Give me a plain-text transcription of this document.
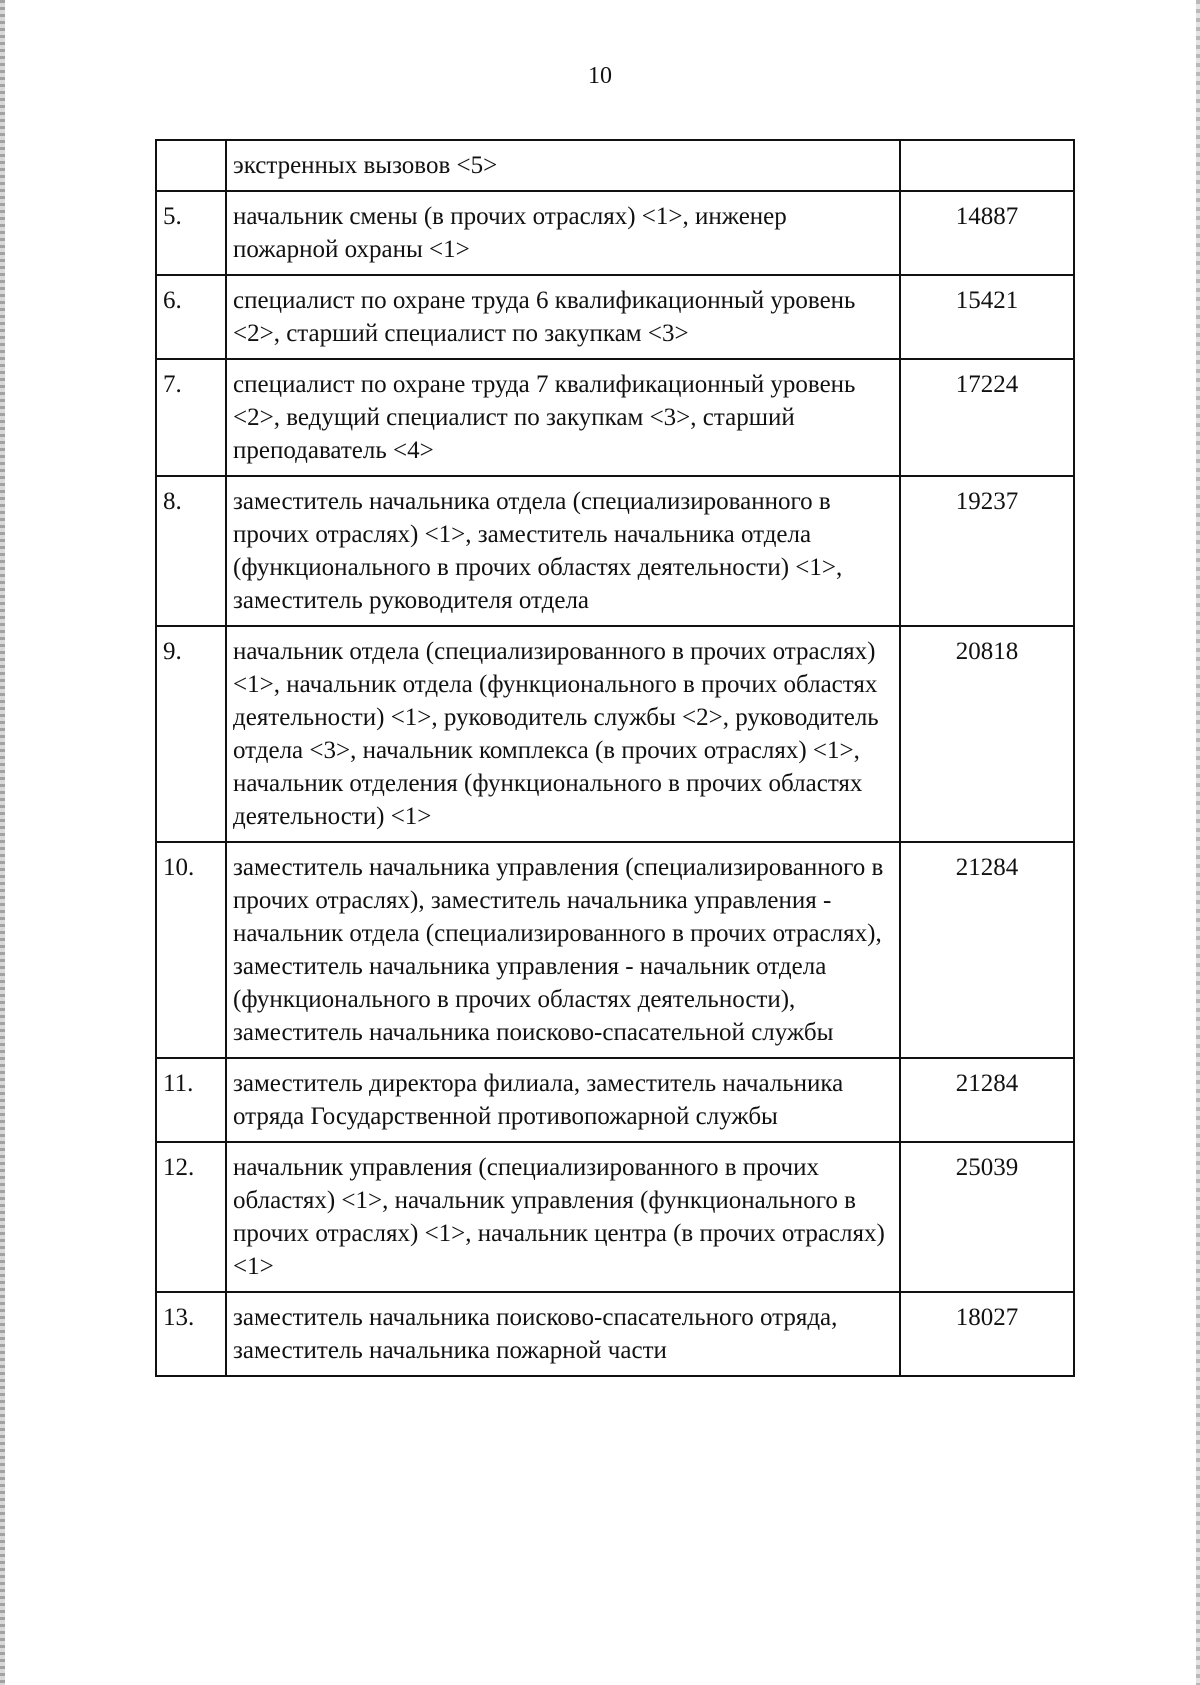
10
	экстренных вызовов <5>	
5.	начальник смены (в прочих отраслях) <1>, инженер пожарной охраны <1>	14887
6.	специалист по охране труда 6 квалификационный уровень <2>, старший специалист по закупкам <3>	15421
7.	специалист по охране труда 7 квалификационный уровень <2>, ведущий специалист по закупкам <3>, старший преподаватель <4>	17224
8.	заместитель начальника отдела (специализированного в прочих отраслях) <1>, заместитель начальника отдела (функционального в прочих областях деятельности) <1>, заместитель руководителя отдела	19237
9.	начальник отдела (специализированного в прочих отраслях) <1>, начальник отдела (функционального в прочих областях деятельности) <1>, руководитель службы <2>, руководитель отдела <3>, начальник комплекса (в прочих отраслях) <1>, начальник отделения (функционального в прочих областях деятельности) <1>	20818
10.	заместитель начальника управления (специализированного в прочих отраслях), заместитель начальника управления - начальник отдела (специализированного в прочих отраслях), заместитель начальника управления - начальник отдела (функционального в прочих областях деятельности), заместитель начальника поисково-спасательной службы	21284
11.	заместитель директора филиала, заместитель начальника отряда Государственной противопожарной службы	21284
12.	начальник управления (специализированного в прочих областях) <1>, начальник управления (функционального в прочих отраслях) <1>, начальник центра (в прочих отраслях) <1>	25039
13.	заместитель начальника поисково-спасательного отряда, заместитель начальника пожарной части	18027
